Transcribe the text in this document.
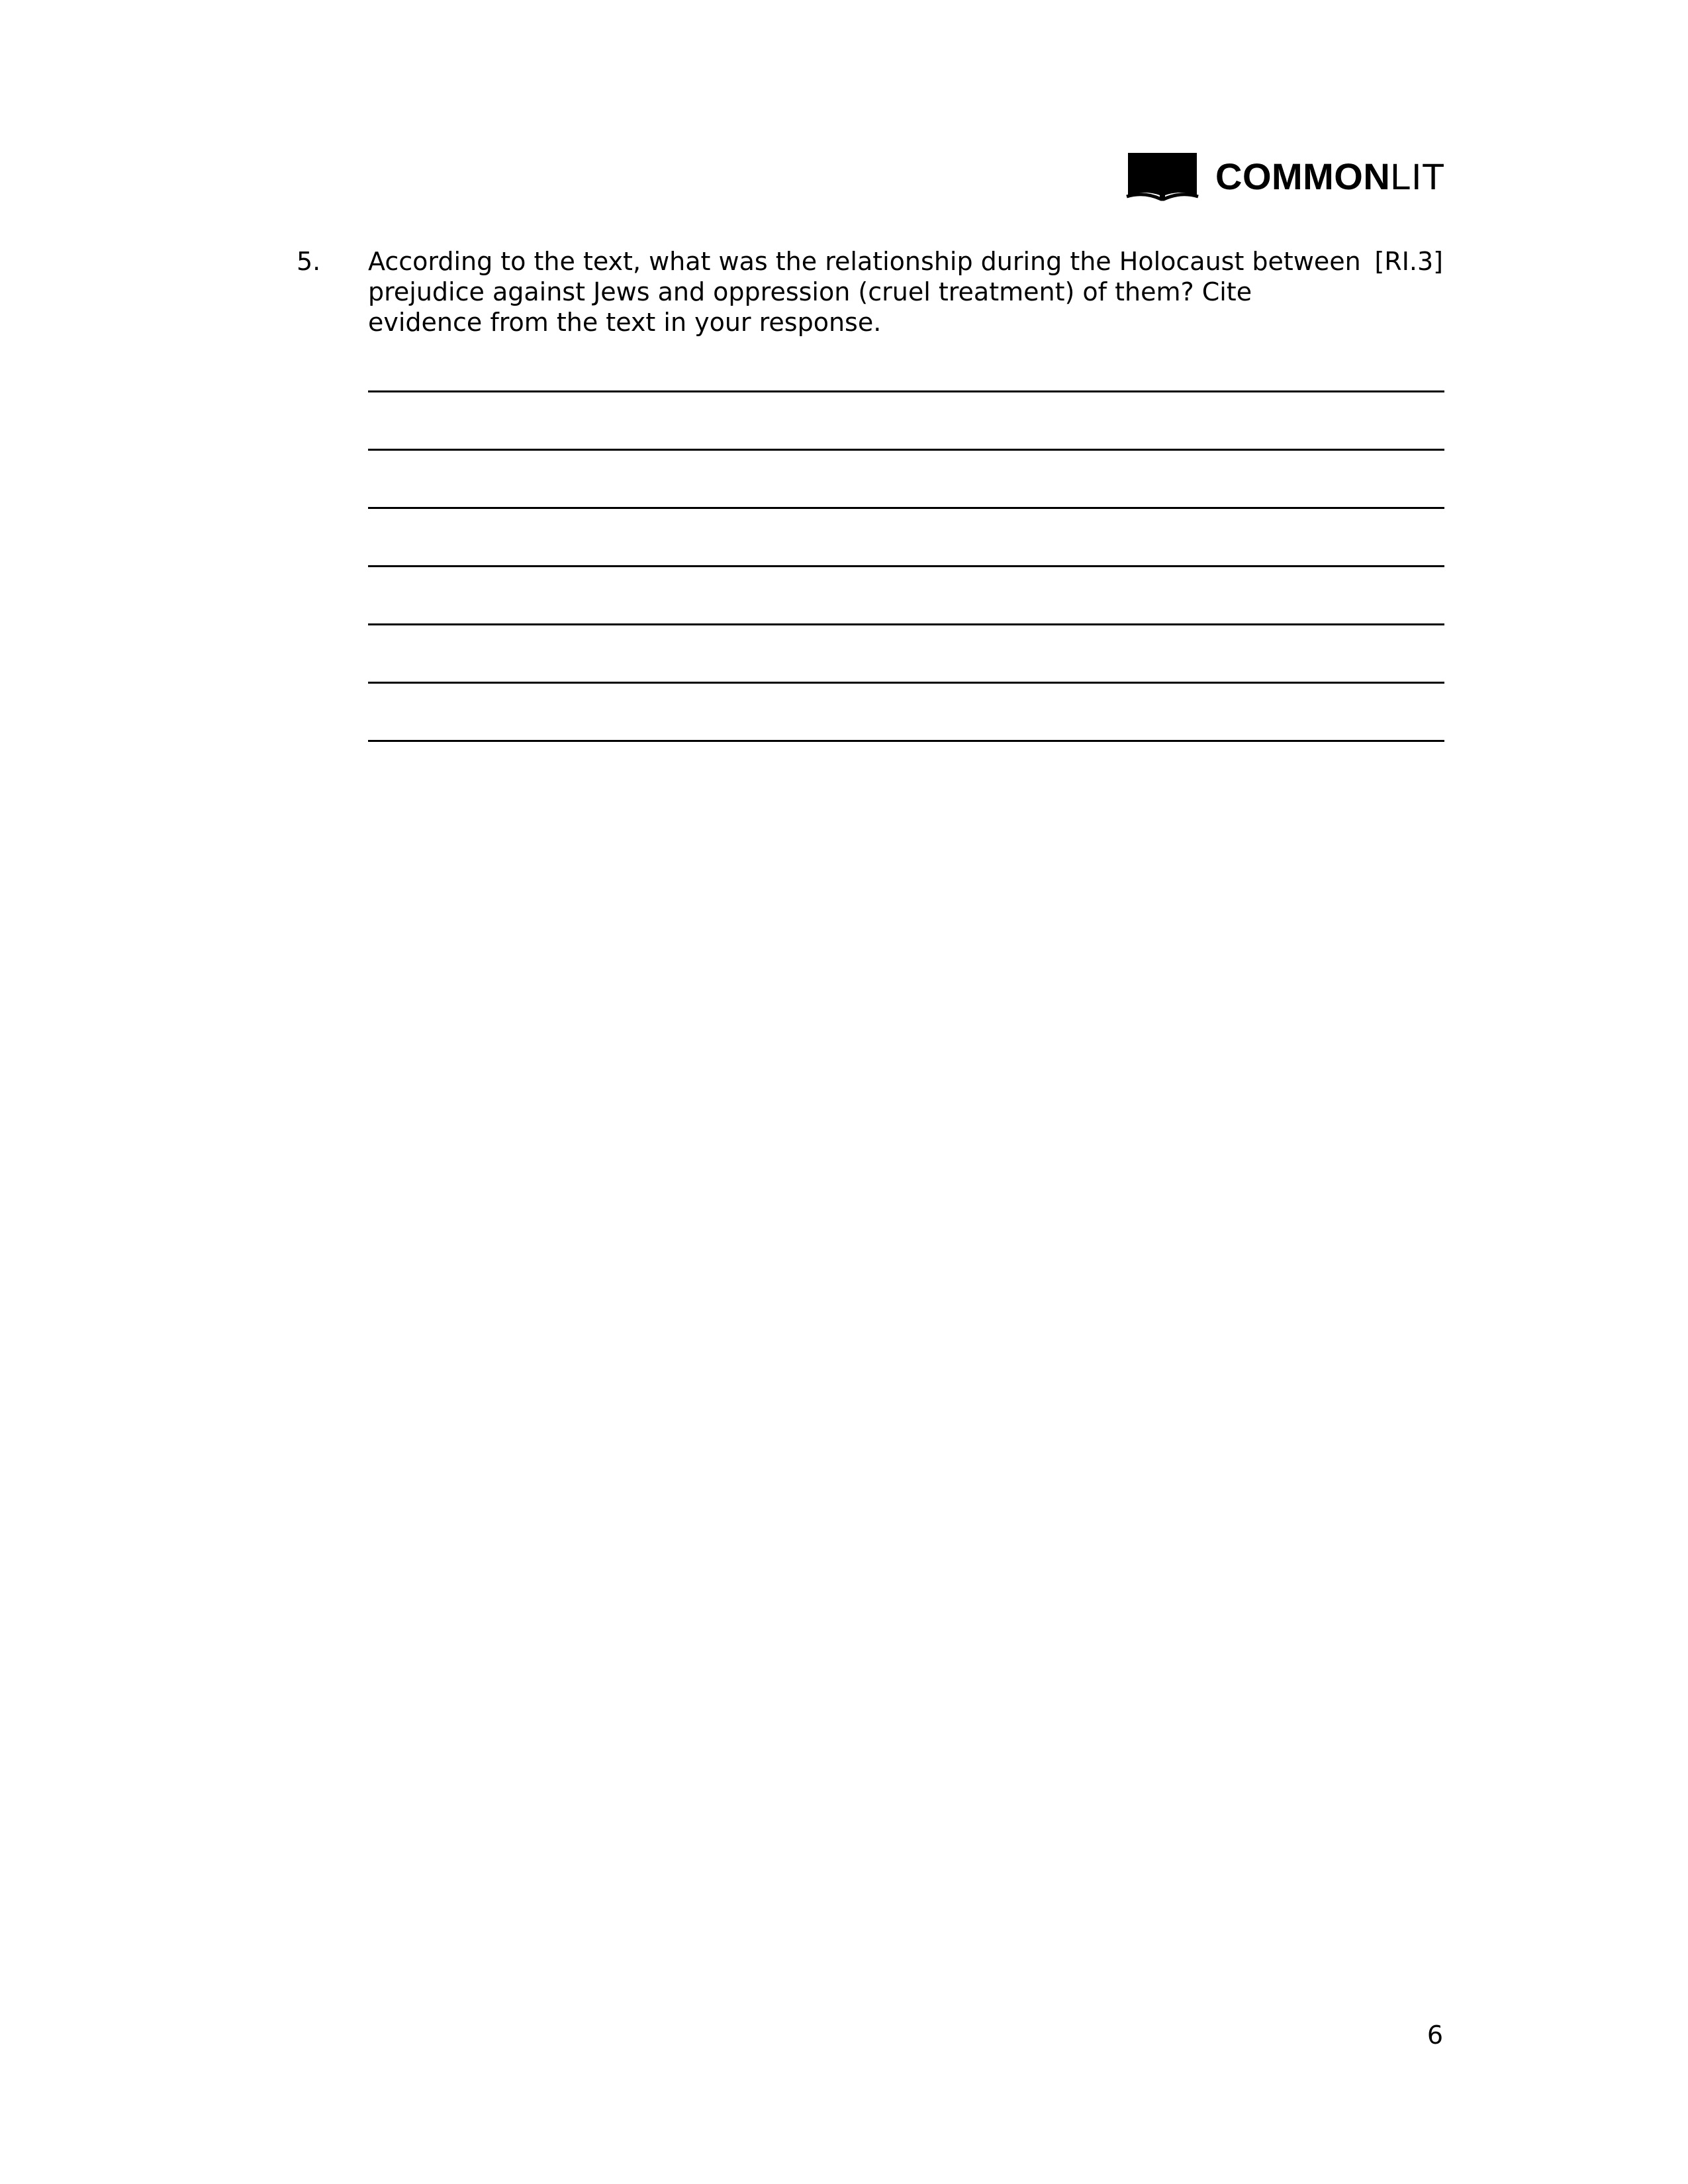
COMMONLIT
5. According to the text, what was the relationship during the Holocaust between prejudice against Jews and oppression (cruel treatment) of them? Cite evidence from the text in your response.
[RI.3]
6
